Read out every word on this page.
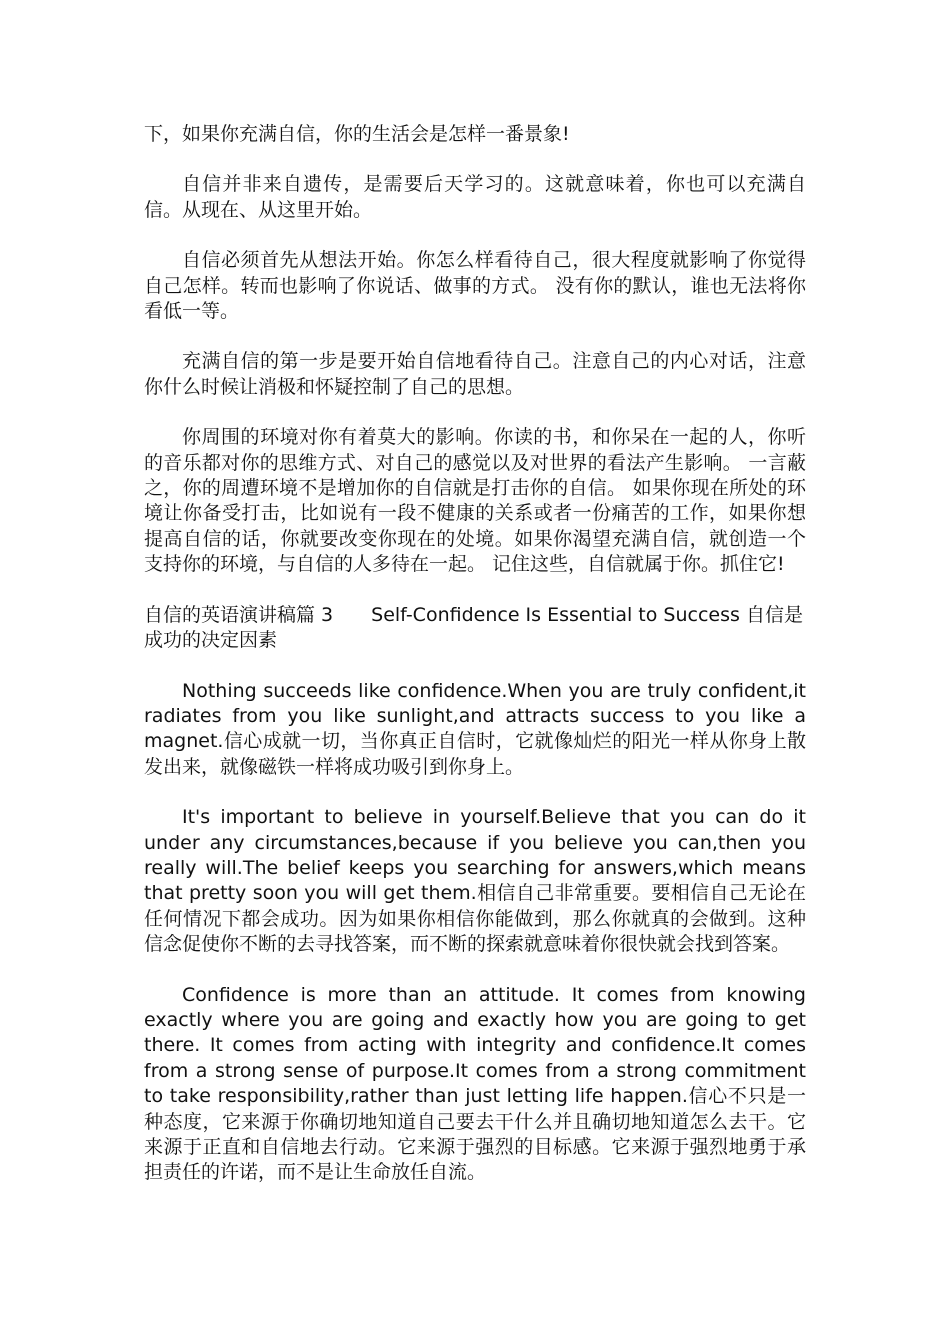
下，如果你充满自信，你的生活会是怎样一番景象!

自信并非来自遗传，是需要后天学习的。这就意味着，你也可以充满自信。从现在、从这里开始。

自信必须首先从想法开始。你怎么样看待自己，很大程度就影响了你觉得自己怎样。转而也影响了你说话、做事的方式。 没有你的默认，谁也无法将你看低一等。

充满自信的第一步是要开始自信地看待自己。注意自己的内心对话，注意你什么时候让消极和怀疑控制了自己的思想。

你周围的环境对你有着莫大的影响。你读的书，和你呆在一起的人，你听的音乐都对你的思维方式、对自己的感觉以及对世界的看法产生影响。 一言蔽之，你的周遭环境不是增加你的自信就是打击你的自信。 如果你现在所处的环境让你备受打击，比如说有一段不健康的关系或者一份痛苦的工作，如果你想提高自信的话，你就要改变你现在的处境。如果你渴望充满自信，就创造一个支持你的环境，与自信的人多待在一起。 记住这些，自信就属于你。抓住它!

自信的英语演讲稿篇 3 Self-Confidence Is Essential to Success 自信是成功的决定因素

Nothing succeeds like confidence.When you are truly confident,it radiates from you like sunlight,and attracts success to you like a magnet.信心成就一切，当你真正自信时，它就像灿烂的阳光一样从你身上散发出来，就像磁铁一样将成功吸引到你身上。

It's important to believe in yourself.Believe that you can do it under any circumstances,because if you believe you can,then you really will.The belief keeps you searching for answers,which means that pretty soon you will get them.相信自己非常重要。要相信自己无论在任何情况下都会成功。因为如果你相信你能做到，那么你就真的会做到。这种信念促使你不断的去寻找答案，而不断的探索就意味着你很快就会找到答案。

Confidence is more than an attitude. It comes from knowing exactly where you are going and exactly how you are going to get there. It comes from acting with integrity and confidence.It comes from a strong sense of purpose.It comes from a strong commitment to take responsibility,rather than just letting life happen.信心不只是一种态度，它来源于你确切地知道自己要去干什么并且确切地知道怎么去干。它来源于正直和自信地去行动。它来源于强烈的目标感。它来源于强烈地勇于承担责任的许诺，而不是让生命放任自流。
